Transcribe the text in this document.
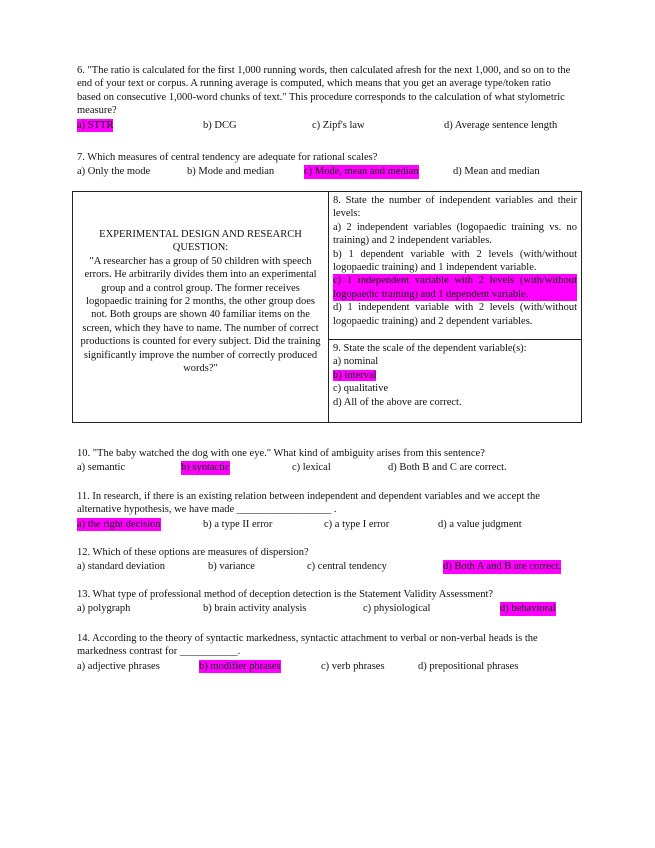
6. "The ratio is calculated for the first 1,000 running words, then calculated afresh for the next 1,000, and so on to the end of your text or corpus. A running average is computed, which means that you get an average type/token ratio based on consecutive 1,000-word chunks of text." This procedure corresponds to the calculation of what stylometric measure?

a) STTR	b) DCG	c) Zipf's law	d) Average sentence length

7. Which measures of central tendency are adequate for rational scales?

a) Only the mode	b) Mode and median	c) Mode, mean and median	d) Mean and median

EXPERIMENTAL DESIGN AND RESEARCH QUESTION:

"A researcher has a group of 50 children with speech errors. He arbitrarily divides them into an experimental group and a control group. The former receives logopaedic training for 2 months, the other group does not. Both groups are shown 40 familiar items on the screen, which they have to name. The number of correct productions is counted for every subject. Did the training significantly improve the number of correctly produced words?"

8. State the number of independent variables and their levels:
a) 2 independent variables (logopaedic training vs. no training) and 2 independent variables.
b) 1 dependent variable with 2 levels (with/without logopaedic training) and 1 independent variable.
c) 1 independent variable with 2 levels (with/without logopaedic training) and 1 dependent variable.
d) 1 independent variable with 2 levels (with/without logopaedic training) and 2 dependent variables.
9. State the scale of the dependent variable(s):
a) nominal
b) interval
c) qualitative
d) All of the above are correct.

10. "The baby watched the dog with one eye." What kind of ambiguity arises from this sentence?

a) semantic	b) syntactic	c) lexical	d) Both B and C are correct.

11. In research, if there is an existing relation between independent and dependent variables and we accept the alternative hypothesis, we have made __________________ .

a) the right decision	b) a type II error	c) a type I error	d) a value judgment

12. Which of these options are measures of dispersion?

a) standard deviation	b) variance	c) central tendency	d) Both A and B are correct.

13. What type of professional method of deception detection is the Statement Validity Assessment?

a) polygraph	b) brain activity analysis	c) physiological	d) behavioral

14. According to the theory of syntactic markedness, syntactic attachment to verbal or non-verbal heads is the markedness contrast for ___________.

a) adjective phrases	b) modifier phrases	c) verb phrases	d) prepositional phrases
